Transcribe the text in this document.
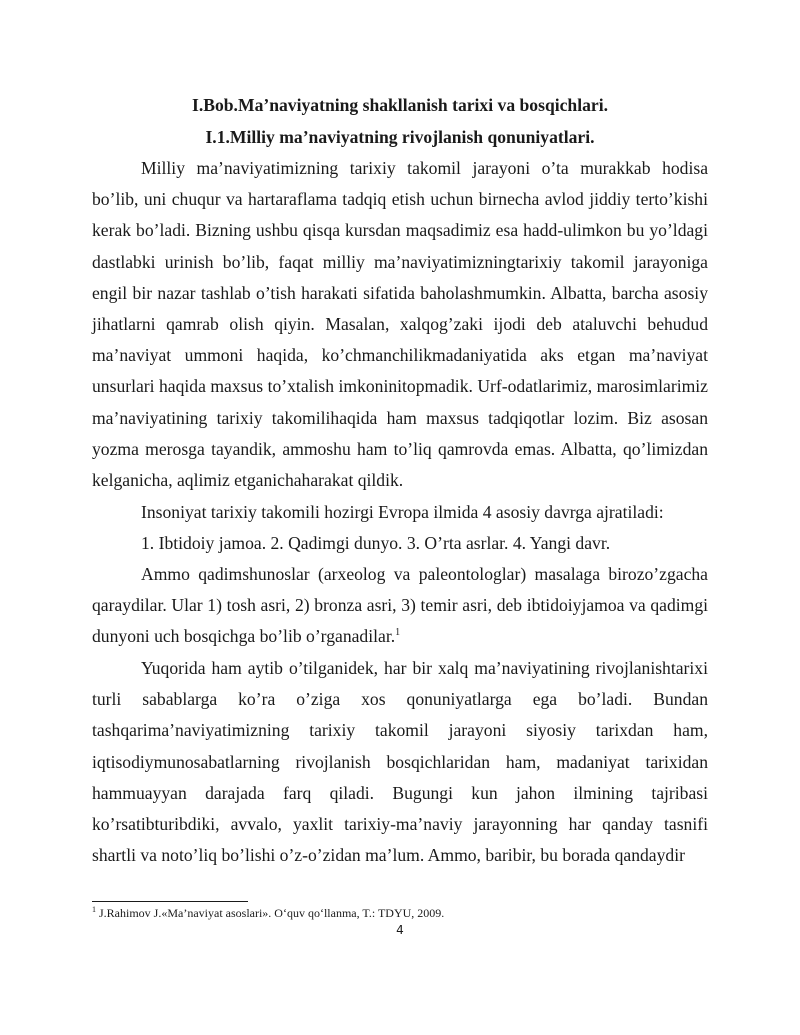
I.Bob.Ma’naviyatning shakllanish tarixi va bosqichlari.

I.1.Milliy ma’naviyatning rivojlanish qonuniyatlari.

Milliy ma’naviyatimizning tarixiy takomil jarayoni o’ta murakkab hodisa bo’lib, uni chuqur va hartaraflama tadqiq etish uchun birnecha avlod jiddiy terto’kishi kerak bo’ladi. Bizning ushbu qisqa kursdan maqsadimiz esa hadd-ulimkon bu yo’ldagi dastlabki urinish bo’lib, faqat milliy ma’naviyatimizningtarixiy takomil jarayoniga engil bir nazar tashlab o’tish harakati sifatida baholashmumkin. Albatta, barcha asosiy jihatlarni qamrab olish qiyin. Masalan, xalqog’zaki ijodi deb ataluvchi behudud ma’naviyat ummoni haqida, ko’chmanchilikmadaniyatida aks etgan ma’naviyat unsurlari haqida maxsus to’xtalish imkoninitopmadik. Urf-odatlarimiz, marosimlarimiz ma’naviyatining tarixiy takomilihaqida ham maxsus tadqiqotlar lozim. Biz asosan yozma merosga tayandik, ammoshu ham to’liq qamrovda emas. Albatta, qo’limizdan kelganicha, aqlimiz etganichaharakat qildik.

Insoniyat tarixiy takomili hozirgi Evropa ilmida 4 asosiy davrga ajratiladi:

1. Ibtidoiy jamoa. 2. Qadimgi dunyo. 3. O’rta asrlar. 4. Yangi davr.

Ammo qadimshunoslar (arxeolog va paleontologlar) masalaga birozo’zgacha qaraydilar. Ular 1) tosh asri, 2) bronza asri, 3) temir asri, deb ibtidoiyjamoa va qadimgi dunyoni uch bosqichga bo’lib o’rganadilar.$^1$

Yuqorida ham aytib o’tilganidek, har bir xalq ma’naviyatining rivojlanishtarixi turli sabablarga ko’ra o’ziga xos qonuniyatlarga ega bo’ladi. Bundan tashqarima’naviyatimizning tarixiy takomil jarayoni siyosiy tarixdan ham, iqtisodiymunosabatlarning rivojlanish bosqichlaridan ham, madaniyat tarixidan hammuayyan darajada farq qiladi. Bugungi kun jahon ilmining tajribasi ko’rsatibturibdiki, avvalo, yaxlit tarixiy-ma’naviy jarayonning har qanday tasnifi shartli va noto’liq bo’lishi o’z-o’zidan ma’lum. Ammo, baribir, bu borada qandaydir

$^1$ J.Rahimov J.«Ma’naviyat asoslari». O‘quv qo‘llanma, T.: TDYU, 2009.

4
